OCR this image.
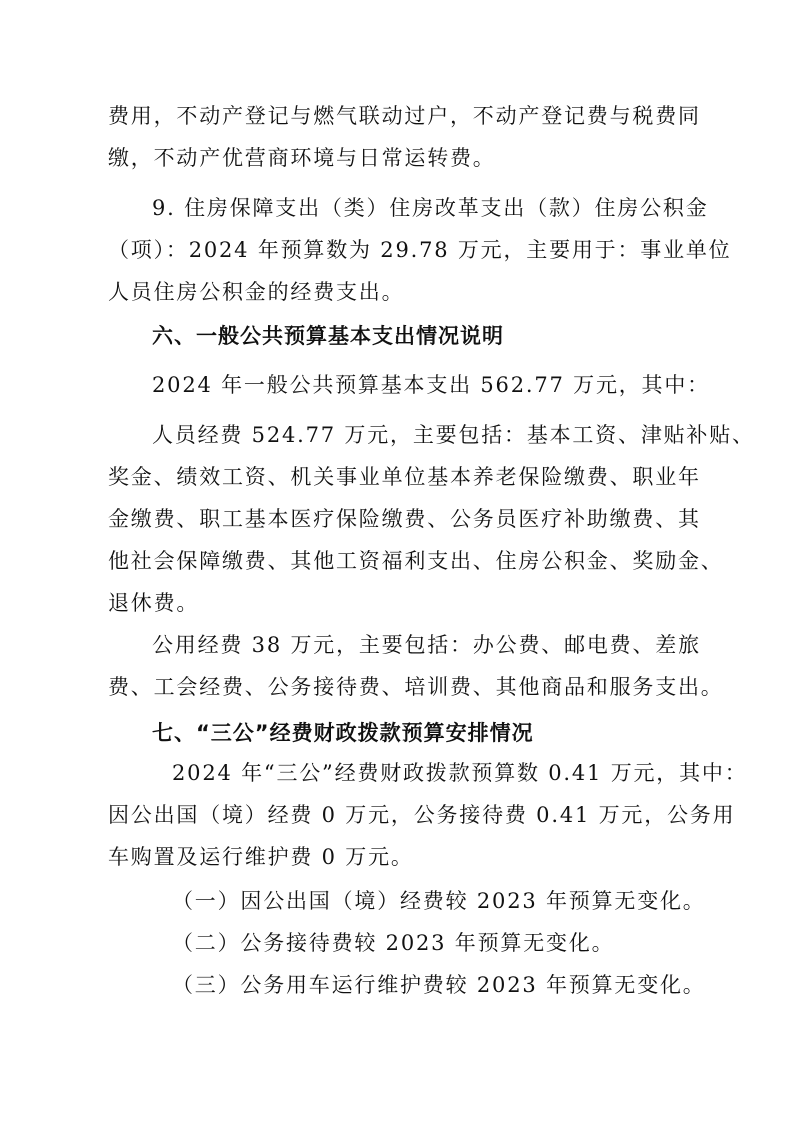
费用，不动产登记与燃气联动过户，不动产登记费与税费同
缴，不动产优营商环境与日常运转费。
9. 住房保障支出（类）住房改革支出（款）住房公积金
（项）：2024 年预算数为 29.78 万元，主要用于：事业单位
人员住房公积金的经费支出。
六、一般公共预算基本支出情况说明
2024 年一般公共预算基本支出 562.77 万元，其中：
人员经费 524.77 万元，主要包括：基本工资、津贴补贴、
奖金、绩效工资、机关事业单位基本养老保险缴费、职业年
金缴费、职工基本医疗保险缴费、公务员医疗补助缴费、其
他社会保障缴费、其他工资福利支出、住房公积金、奖励金、
退休费。
公用经费 38 万元，主要包括：办公费、邮电费、差旅
费、工会经费、公务接待费、培训费、其他商品和服务支出。
七、“三公”经费财政拨款预算安排情况
2024 年“三公”经费财政拨款预算数 0.41 万元，其中：
因公出国（境）经费 0 万元，公务接待费 0.41 万元，公务用
车购置及运行维护费 0 万元。
（一）因公出国（境）经费较 2023 年预算无变化。
（二）公务接待费较 2023 年预算无变化。
（三）公务用车运行维护费较 2023 年预算无变化。
